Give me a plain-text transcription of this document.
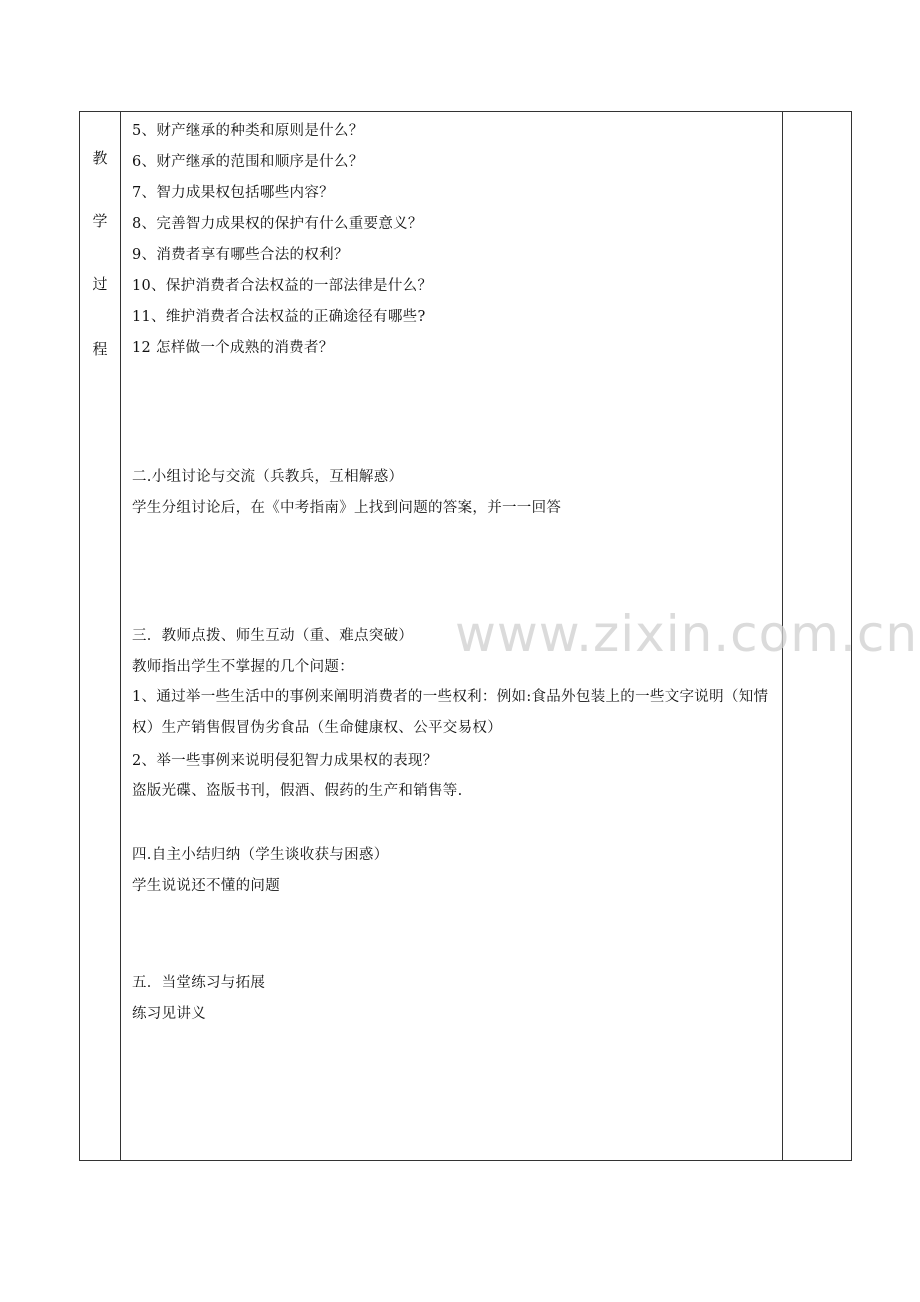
教
学
过
程
5、财产继承的种类和原则是什么？
6、财产继承的范围和顺序是什么？
7、智力成果权包括哪些内容？
8、完善智力成果权的保护有什么重要意义？
9、消费者享有哪些合法的权利？
10、保护消费者合法权益的一部法律是什么？
11、维护消费者合法权益的正确途径有哪些?
12 怎样做一个成熟的消费者？
二.小组讨论与交流（兵教兵，互相解惑）
学生分组讨论后，在《中考指南》上找到问题的答案，并一一回答
三．教师点拨、师生互动（重、难点突破）
教师指出学生不掌握的几个问题：
1、通过举一些生活中的事例来阐明消费者的一些权利：例如:食品外包装上的一些文字说明（知情权）生产销售假冒伪劣食品（生命健康权、公平交易权）
2、举一些事例来说明侵犯智力成果权的表现？
盗版光碟、盗版书刊，假酒、假药的生产和销售等.
四.自主小结归纳（学生谈收获与困惑）
学生说说还不懂的问题
五．当堂练习与拓展
练习见讲义
www.zixin.com.cn
